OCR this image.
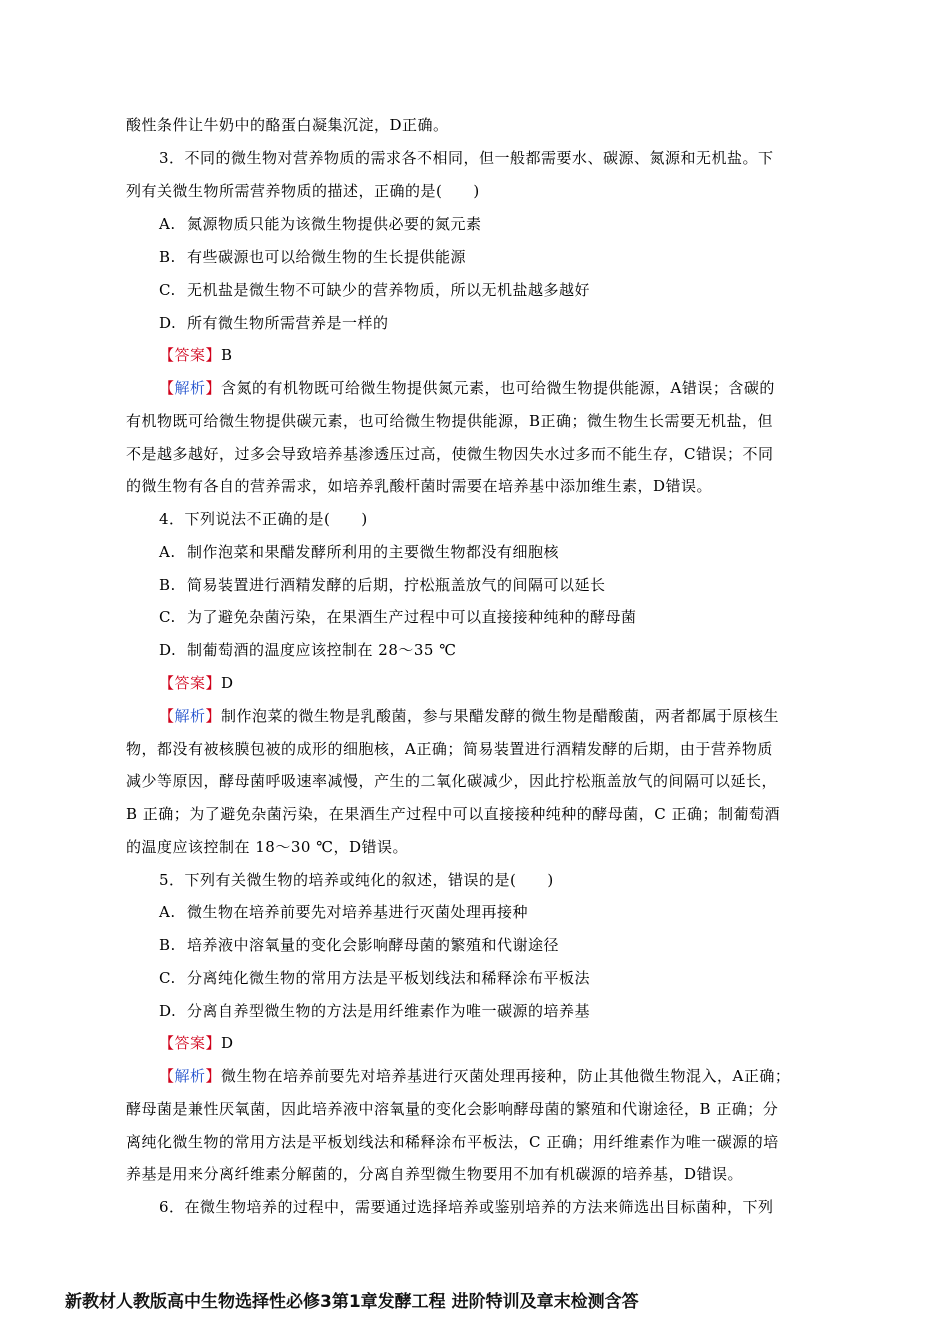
酸性条件让牛奶中的酪蛋白凝集沉淀，D正确。
3．不同的微生物对营养物质的需求各不相同，但一般都需要水、碳源、氮源和无机盐。下
列有关微生物所需营养物质的描述，正确的是(　　)
A. 氮源物质只能为该微生物提供必要的氮元素
B. 有些碳源也可以给微生物的生长提供能源
C. 无机盐是微生物不可缺少的营养物质，所以无机盐越多越好
D. 所有微生物所需营养是一样的
【答案】B
【解析】含氮的有机物既可给微生物提供氮元素，也可给微生物提供能源，A错误；含碳的
有机物既可给微生物提供碳元素，也可给微生物提供能源，B正确；微生物生长需要无机盐，但
不是越多越好，过多会导致培养基渗透压过高，使微生物因失水过多而不能生存，C错误；不同
的微生物有各自的营养需求，如培养乳酸杆菌时需要在培养基中添加维生素，D错误。
4．下列说法不正确的是(　　)
A. 制作泡菜和果醋发酵所利用的主要微生物都没有细胞核
B. 简易装置进行酒精发酵的后期，拧松瓶盖放气的间隔可以延长
C. 为了避免杂菌污染，在果酒生产过程中可以直接接种纯种的酵母菌
D. 制葡萄酒的温度应该控制在 28～35 ℃
【答案】D
【解析】制作泡菜的微生物是乳酸菌，参与果醋发酵的微生物是醋酸菌，两者都属于原核生
物，都没有被核膜包被的成形的细胞核，A正确；简易装置进行酒精发酵的后期，由于营养物质
减少等原因，酵母菌呼吸速率减慢，产生的二氧化碳减少，因此拧松瓶盖放气的间隔可以延长，
B 正确；为了避免杂菌污染，在果酒生产过程中可以直接接种纯种的酵母菌，C 正确；制葡萄酒
的温度应该控制在 18～30 ℃，D错误。
5．下列有关微生物的培养或纯化的叙述，错误的是(　　)
A. 微生物在培养前要先对培养基进行灭菌处理再接种
B. 培养液中溶氧量的变化会影响酵母菌的繁殖和代谢途径
C. 分离纯化微生物的常用方法是平板划线法和稀释涂布平板法
D. 分离自养型微生物的方法是用纤维素作为唯一碳源的培养基
【答案】D
【解析】微生物在培养前要先对培养基进行灭菌处理再接种，防止其他微生物混入，A正确；
酵母菌是兼性厌氧菌，因此培养液中溶氧量的变化会影响酵母菌的繁殖和代谢途径，B 正确；分
离纯化微生物的常用方法是平板划线法和稀释涂布平板法，C 正确；用纤维素作为唯一碳源的培
养基是用来分离纤维素分解菌的，分离自养型微生物要用不加有机碳源的培养基，D错误。
6．在微生物培养的过程中，需要通过选择培养或鉴别培养的方法来筛选出目标菌种，下列
新教材人教版高中生物选择性必修3第1章发酵工程 进阶特训及章末检测含答
